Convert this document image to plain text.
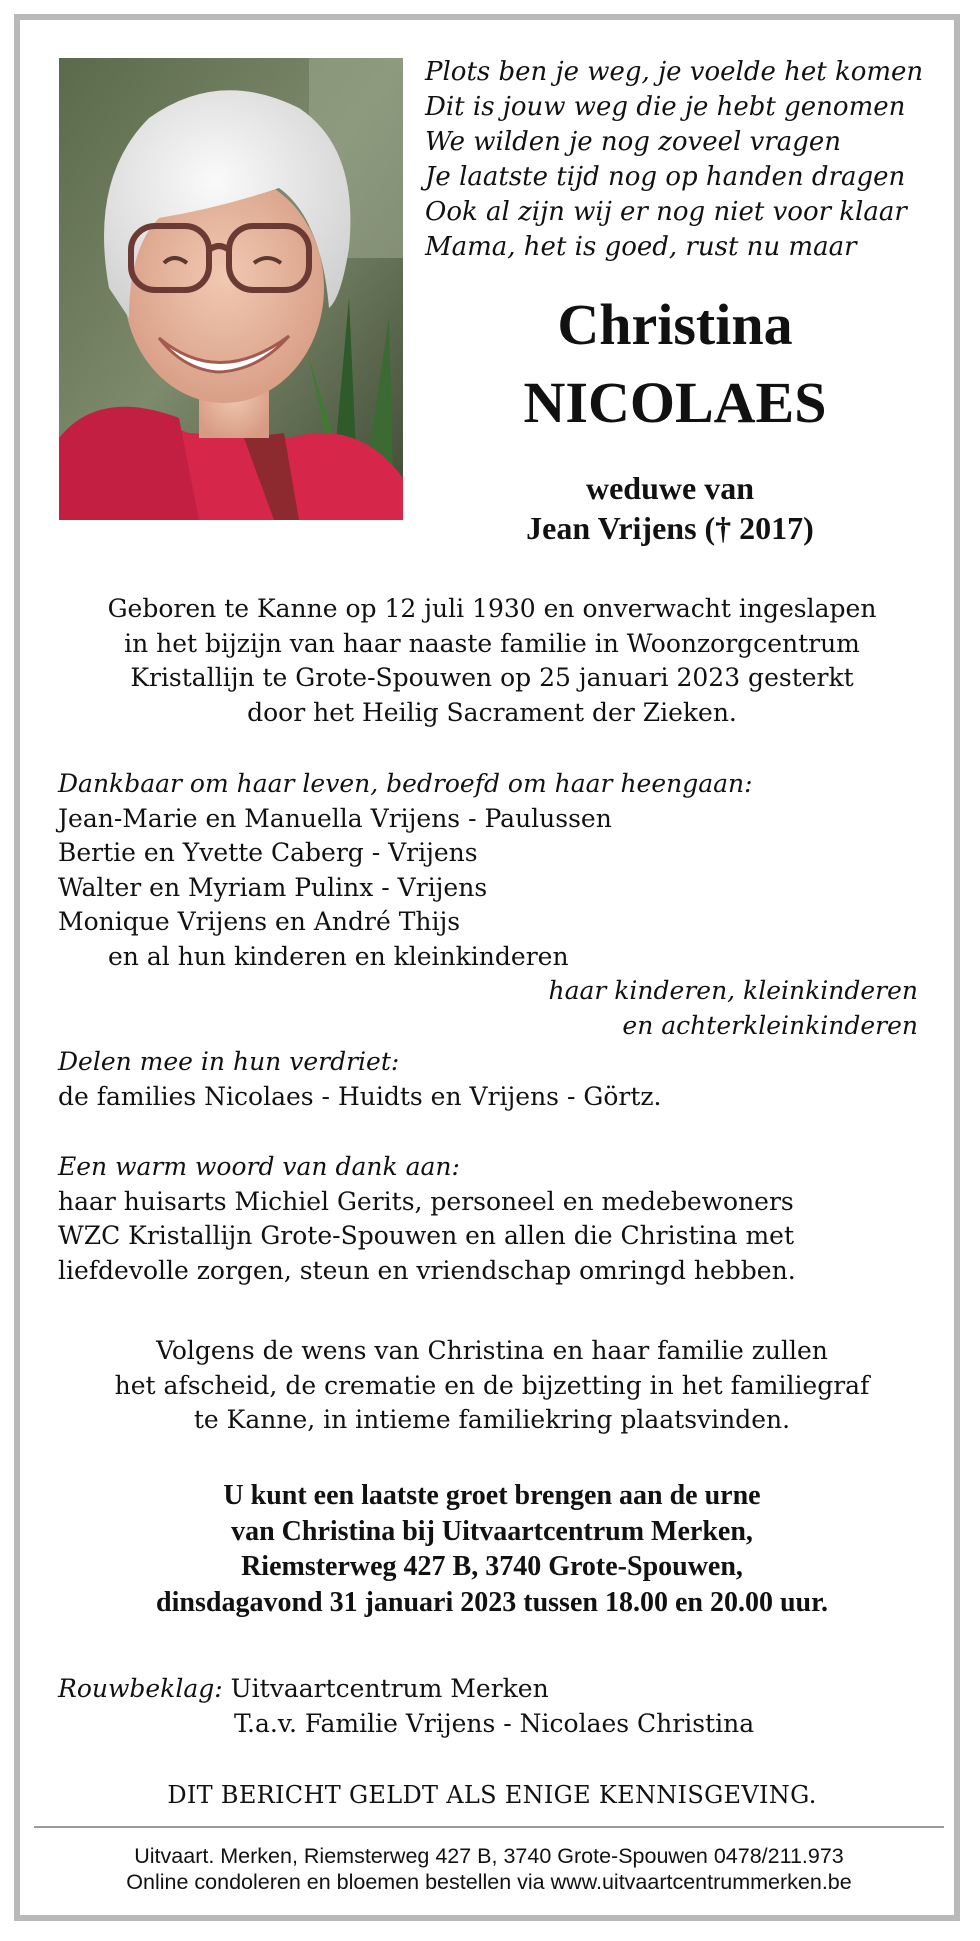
Plots ben je weg, je voelde het komen
Dit is jouw weg die je hebt genomen
We wilden je nog zoveel vragen
Je laatste tijd nog op handen dragen
Ook al zijn wij er nog niet voor klaar
Mama, het is goed, rust nu maar
Christina
NICOLAES
weduwe van
Jean Vrijens († 2017)
Geboren te Kanne op 12 juli 1930 en onverwacht ingeslapen
in het bijzijn van haar naaste familie in Woonzorgcentrum
Kristallijn te Grote-Spouwen op 25 januari 2023 gesterkt
door het Heilig Sacrament der Zieken.
Dankbaar om haar leven, bedroefd om haar heengaan:
Jean-Marie en Manuella Vrijens - Paulussen
Bertie en Yvette Caberg - Vrijens
Walter en Myriam Pulinx - Vrijens
Monique Vrijens en André Thijs
en al hun kinderen en kleinkinderen
haar kinderen, kleinkinderen
en achterkleinkinderen
Delen mee in hun verdriet:
de families Nicolaes - Huidts en Vrijens - Görtz.
Een warm woord van dank aan:
haar huisarts Michiel Gerits, personeel en medebewoners
WZC Kristallijn Grote-Spouwen en allen die Christina met
liefdevolle zorgen, steun en vriendschap omringd hebben.
Volgens de wens van Christina en haar familie zullen
het afscheid, de crematie en de bijzetting in het familiegraf
te Kanne, in intieme familiekring plaatsvinden.
U kunt een laatste groet brengen aan de urne
van Christina bij Uitvaartcentrum Merken,
Riemsterweg 427 B, 3740 Grote-Spouwen,
dinsdagavond 31 januari 2023 tussen 18.00 en 20.00 uur.
Rouwbeklag: Uitvaartcentrum Merken
T.a.v. Familie Vrijens - Nicolaes Christina
DIT BERICHT GELDT ALS ENIGE KENNISGEVING.
Uitvaart. Merken, Riemsterweg 427 B, 3740 Grote-Spouwen 0478/211.973
Online condoleren en bloemen bestellen via www.uitvaartcentrummerken.be
